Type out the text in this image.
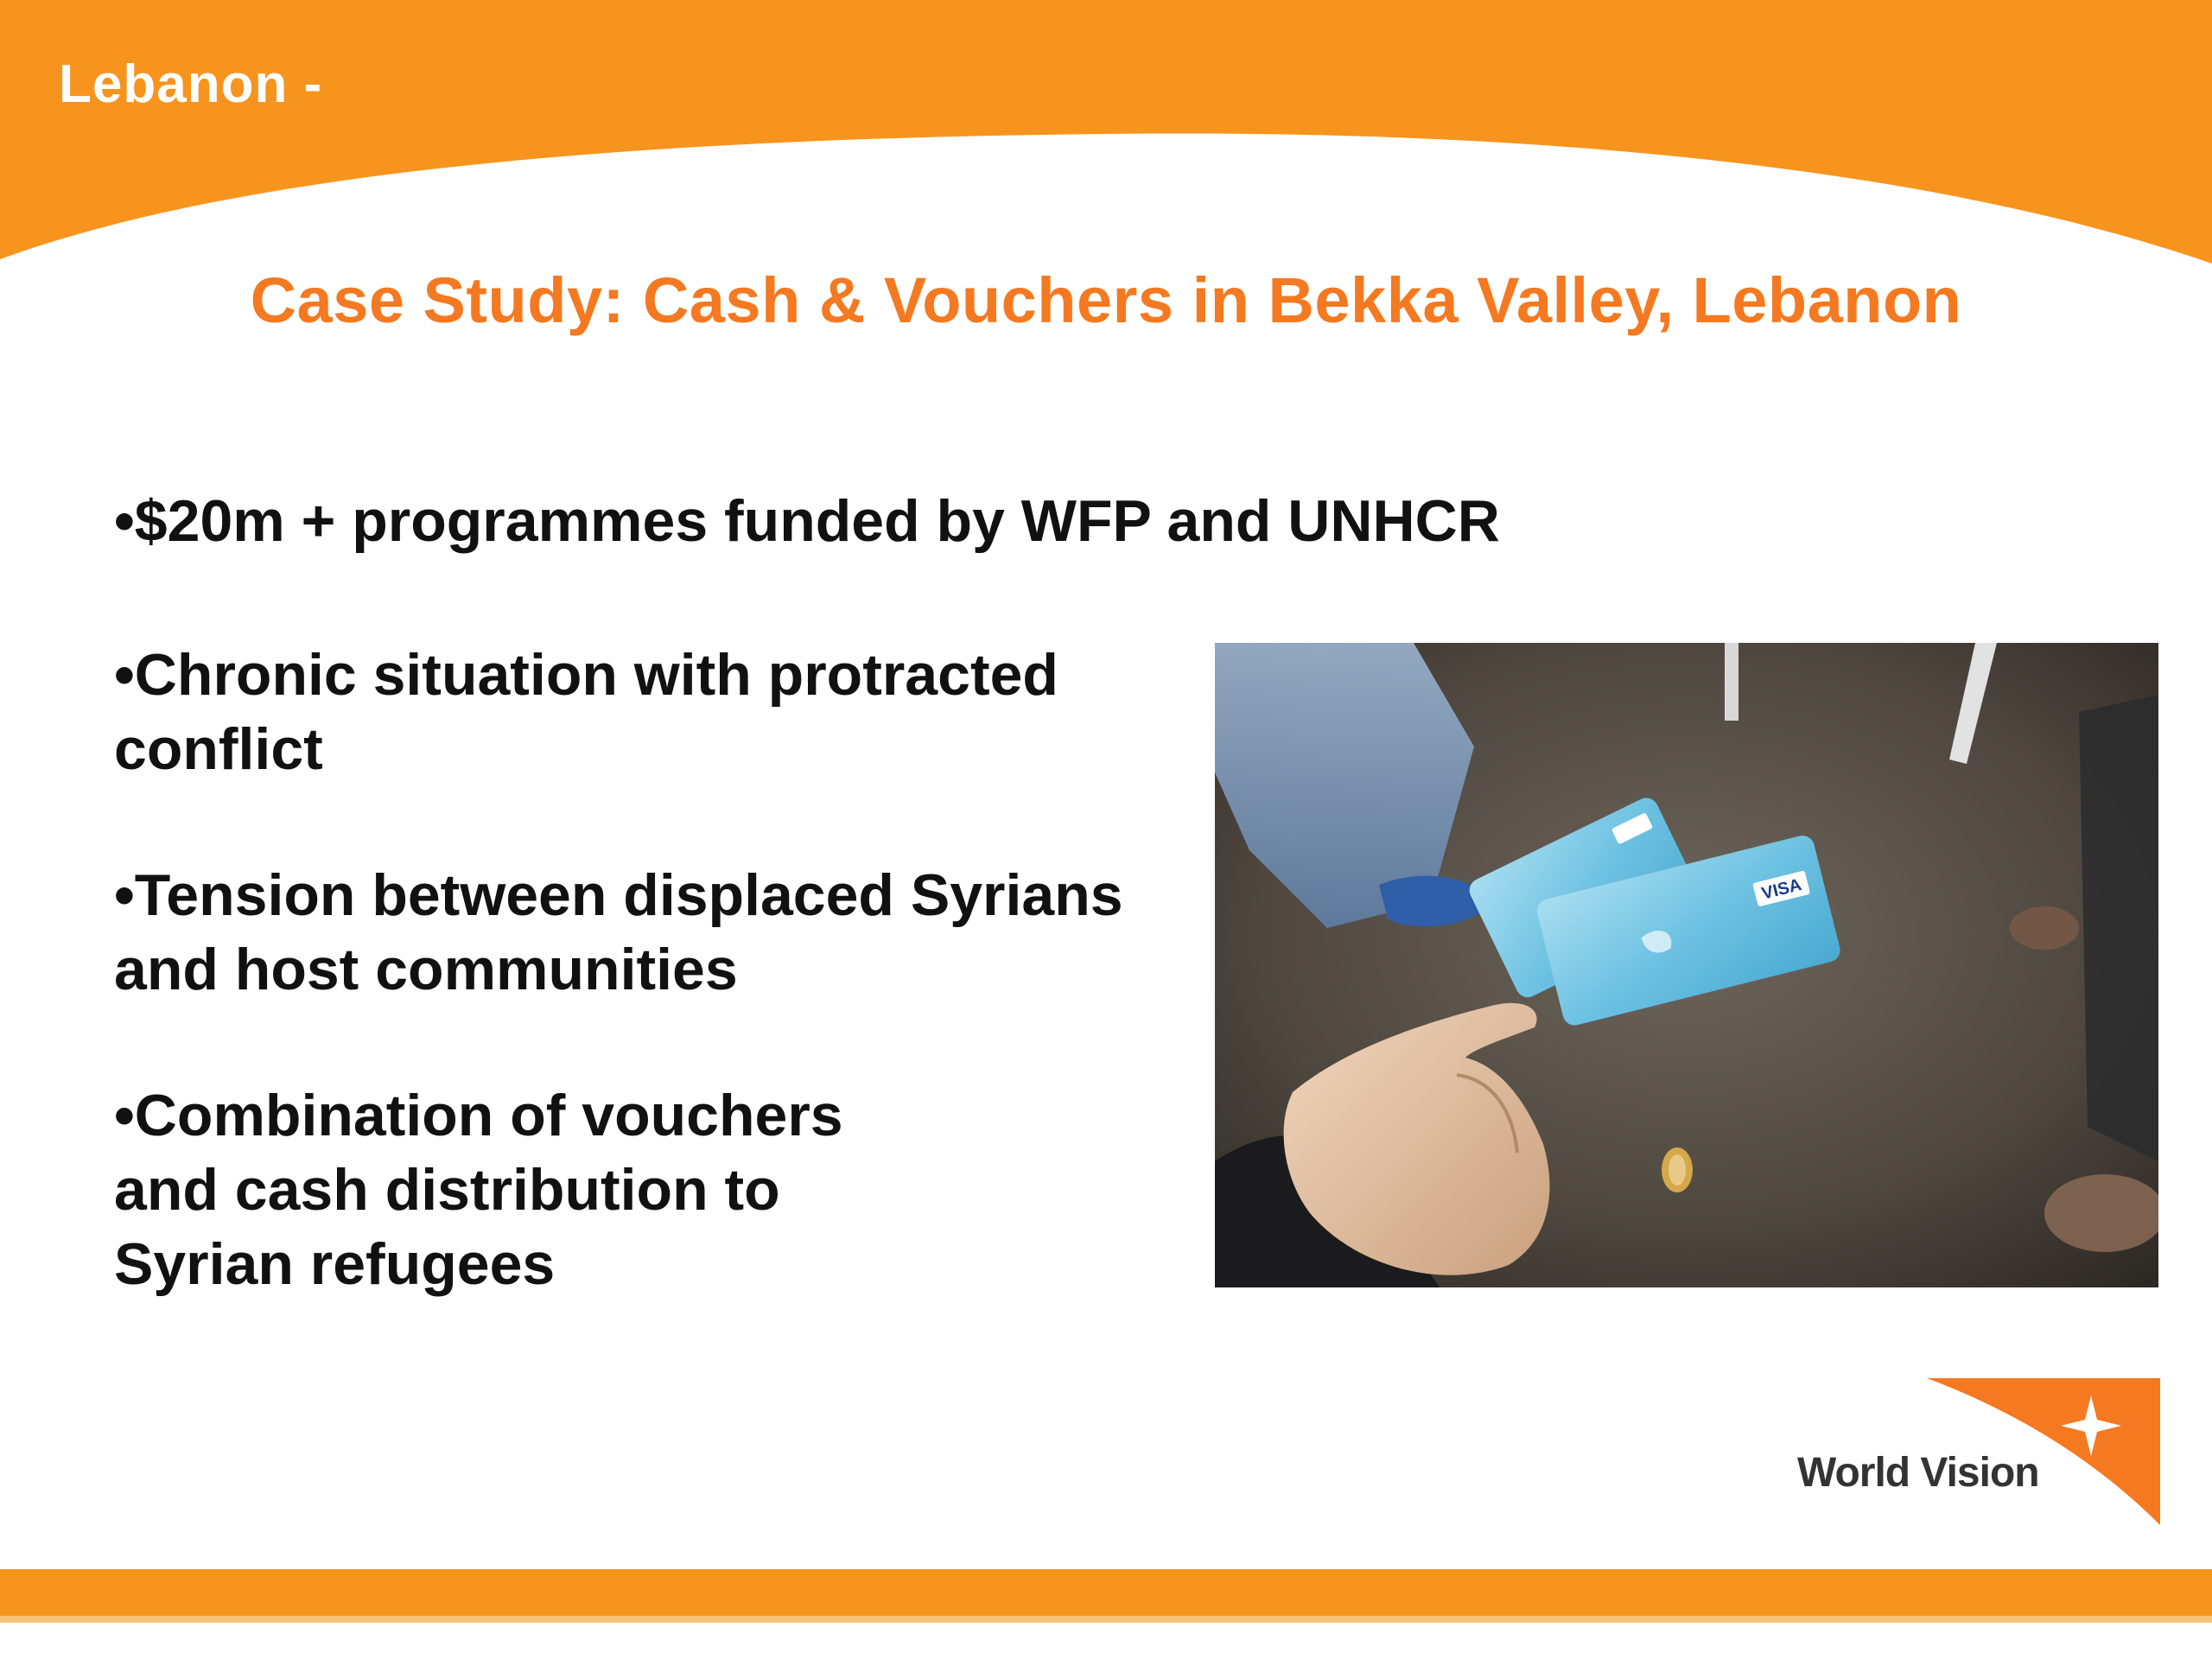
Lebanon -
Case Study: Cash & Vouchers in Bekka Valley, Lebanon

•$20m + programmes funded by WFP and UNHCR

•Chronic situation with protracted
conflict

•Tension between displaced Syrians
and host communities

•Combination of vouchers
and cash distribution to
Syrian refugees

VISA
World Vision
